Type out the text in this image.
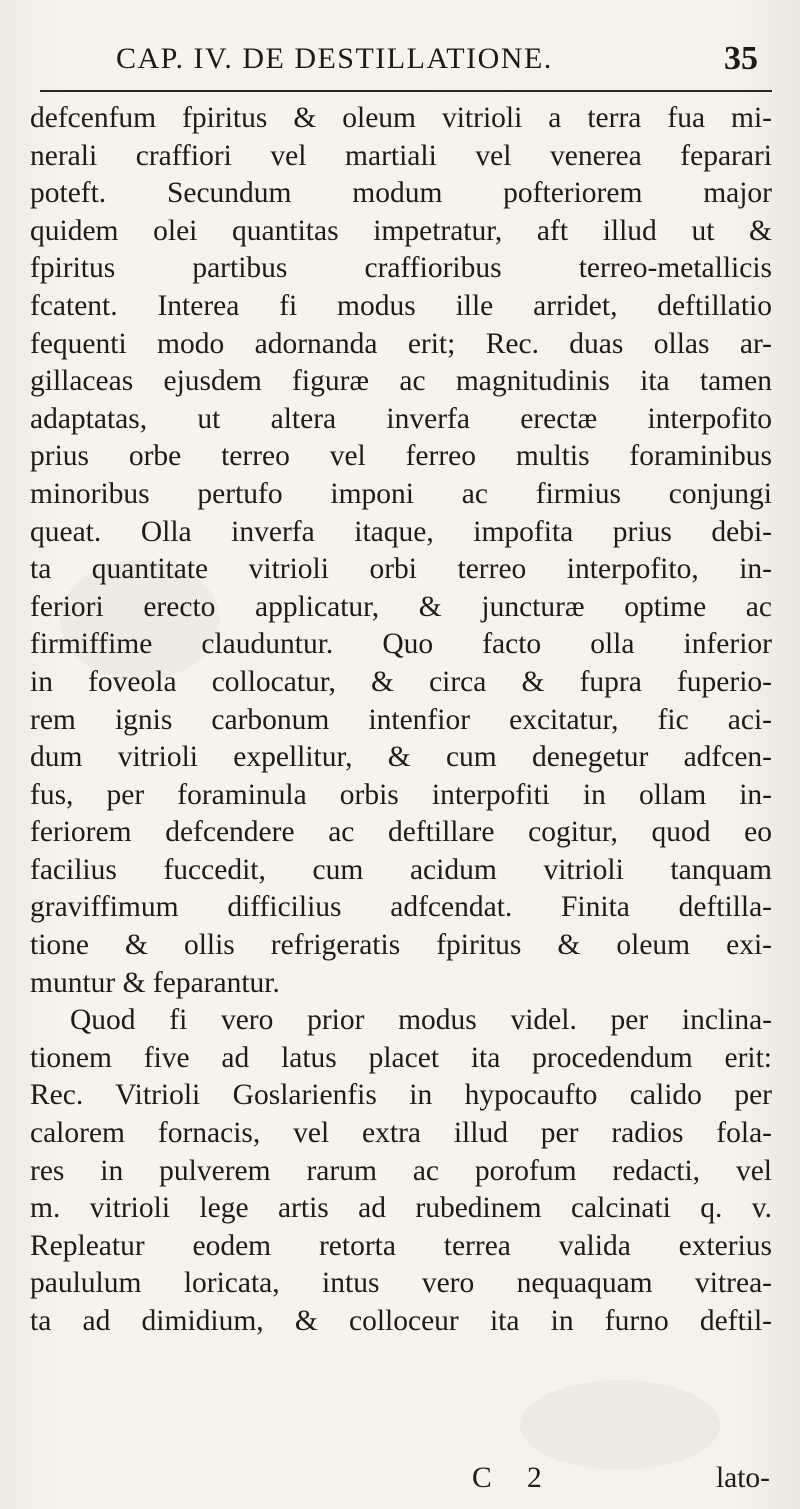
CAP. IV. DE DESTILLATIONE.	35
defcenfum fpiritus & oleum vitrioli a terra fua mi-
nerali craffiori vel martiali vel venerea feparari
poteft. Secundum modum pofteriorem major
quidem olei quantitas impetratur, aft illud ut &
fpiritus partibus craffioribus terreo-metallicis
fcatent. Interea fi modus ille arridet, deftillatio
fequenti modo adornanda erit; Rec. duas ollas ar-
gillaceas ejusdem figuræ ac magnitudinis ita tamen
adaptatas, ut altera inverfa erectæ interpofito
prius orbe terreo vel ferreo multis foraminibus
minoribus pertufo imponi ac firmius conjungi
queat. Olla inverfa itaque, impofita prius debi-
ta quantitate vitrioli orbi terreo interpofito, in-
feriori erecto applicatur, & juncturæ optime ac
firmiffime clauduntur. Quo facto olla inferior
in foveola collocatur, & circa & fupra fuperio-
rem ignis carbonum intenfior excitatur, fic aci-
dum vitrioli expellitur, & cum denegetur adfcen-
fus, per foraminula orbis interpofiti in ollam in-
feriorem defcendere ac deftillare cogitur, quod eo
facilius fuccedit, cum acidum vitrioli tanquam
graviffimum difficilius adfcendat. Finita deftilla-
tione & ollis refrigeratis fpiritus & oleum exi-
muntur & feparantur.
Quod fi vero prior modus videl. per inclina-
tionem five ad latus placet ita procedendum erit:
Rec. Vitrioli Goslarienfis in hypocaufto calido per
calorem fornacis, vel extra illud per radios fola-
res in pulverem rarum ac porofum redacti, vel
m. vitrioli lege artis ad rubedinem calcinati q. v.
Repleatur eodem retorta terrea valida exterius
paululum loricata, intus vero nequaquam vitrea-
ta ad dimidium, & colloceur ita in furno deftil-
C 2	lato-
